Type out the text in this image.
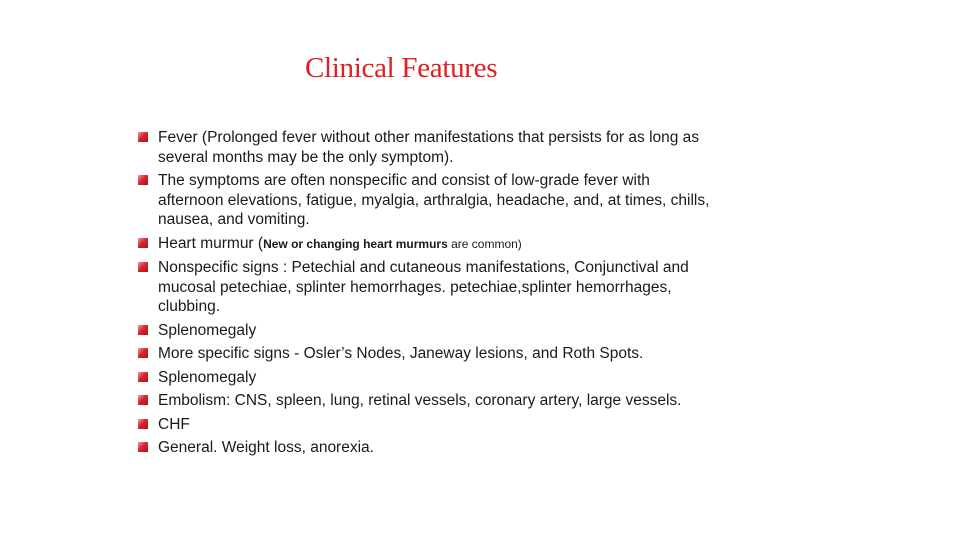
Clinical Features
Fever (Prolonged fever without other manifestations that persists for as long as several months may be the only symptom).
The symptoms are often nonspecific and consist of low-grade fever with afternoon elevations, fatigue, myalgia, arthralgia, headache, and, at times, chills, nausea, and vomiting.
Heart murmur (New or changing heart murmurs are common)
Nonspecific signs : Petechial and cutaneous manifestations, Conjunctival and mucosal petechiae, splinter hemorrhages. petechiae,splinter hemorrhages, clubbing.
Splenomegaly
More specific signs - Osler’s Nodes, Janeway lesions, and Roth Spots.
Splenomegaly
Embolism: CNS, spleen, lung, retinal vessels, coronary artery, large vessels.
CHF
General. Weight loss, anorexia.
